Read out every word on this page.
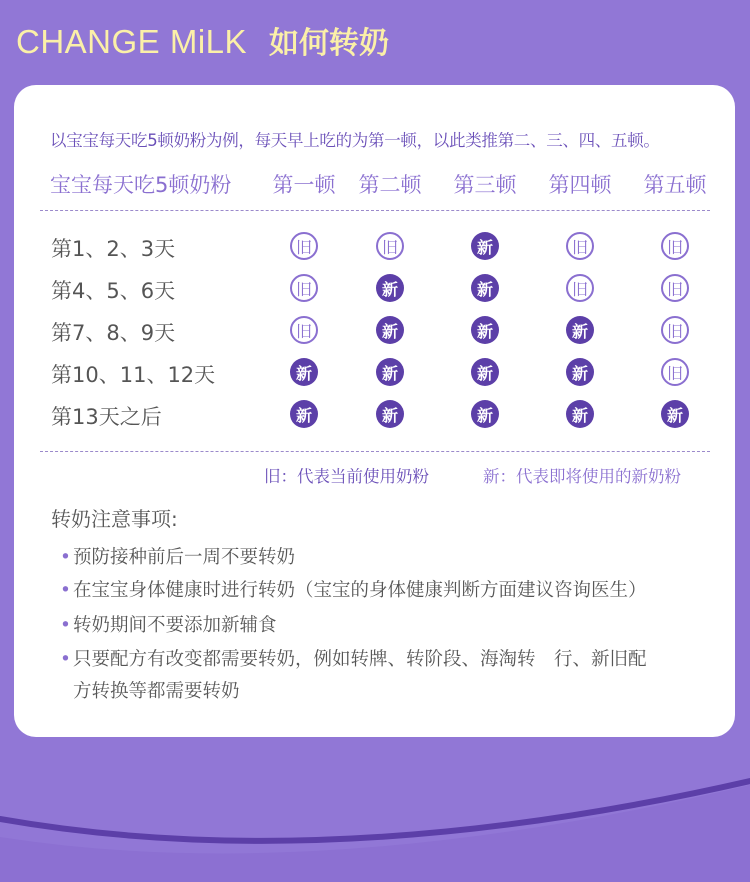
CHANGE MiLK 如何转奶
以宝宝每天吃5顿奶粉为例，每天早上吃的为第一顿，以此类推第二、三、四、五顿。
宝宝每天吃5顿奶粉	第一顿	第二顿	第三顿	第四顿	第五顿
第1、2、3天	旧	旧	新	旧	旧
第4、5、6天	旧	新	新	旧	旧
第7、8、9天	旧	新	新	新	旧
第10、11、12天	新	新	新	新	旧
第13天之后	新	新	新	新	新
旧：代表当前使用奶粉	新：代表即将使用的新奶粉
转奶注意事项:
• 预防接种前后一周不要转奶
• 在宝宝身体健康时进行转奶（宝宝的身体健康判断方面建议咨询医生）
• 转奶期间不要添加新辅食
• 只要配方有改变都需要转奶，例如转牌、转阶段、海淘转　行、新旧配
方转换等都需要转奶
